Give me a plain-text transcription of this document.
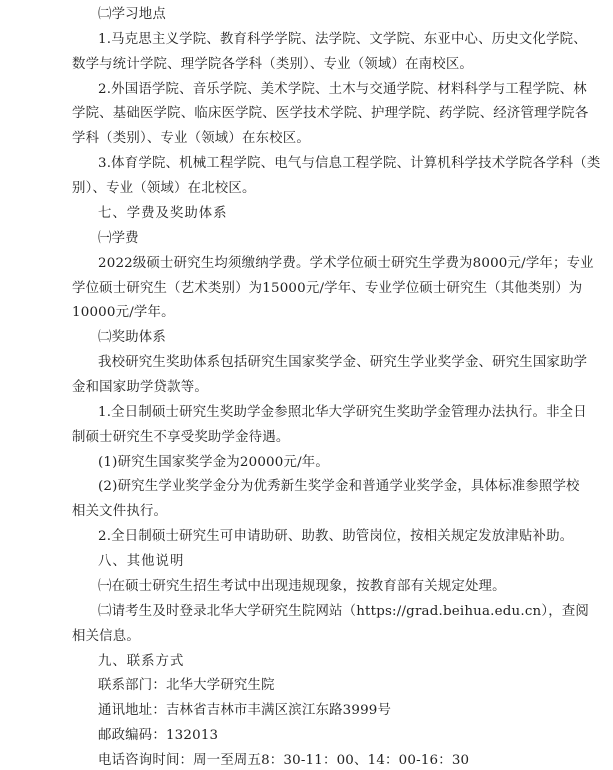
㈡学习地点
1.马克思主义学院、教育科学学院、法学院、文学院、东亚中心、历史文化学院、
数学与统计学院、理学院各学科（类别）、专业（领域）在南校区。
2.外国语学院、音乐学院、美术学院、土木与交通学院、材料科学与工程学院、林
学院、基础医学院、临床医学院、医学技术学院、护理学院、药学院、经济管理学院各
学科（类别）、专业（领域）在东校区。
3.体育学院、机械工程学院、电气与信息工程学院、计算机科学技术学院各学科（类
别）、专业（领域）在北校区。
七、学费及奖助体系
㈠学费
2022级硕士研究生均须缴纳学费。学术学位硕士研究生学费为8000元/学年；专业
学位硕士研究生（艺术类别）为15000元/学年、专业学位硕士研究生（其他类别）为
10000元/学年。
㈡奖助体系
我校研究生奖助体系包括研究生国家奖学金、研究生学业奖学金、研究生国家助学
金和国家助学贷款等。
1.全日制硕士研究生奖助学金参照北华大学研究生奖助学金管理办法执行。非全日
制硕士研究生不享受奖助学金待遇。
(1)研究生国家奖学金为20000元/年。
(2)研究生学业奖学金分为优秀新生奖学金和普通学业奖学金，具体标准参照学校
相关文件执行。
2.全日制硕士研究生可申请助研、助教、助管岗位，按相关规定发放津贴补助。
八、其他说明
㈠在硕士研究生招生考试中出现违规现象，按教育部有关规定处理。
㈡请考生及时登录北华大学研究生院网站（https://grad.beihua.edu.cn），查阅
相关信息。
九、联系方式
联系部门：北华大学研究生院
通讯地址：吉林省吉林市丰满区滨江东路3999号
邮政编码：132013
电话咨询时间：周一至周五8：30-11：00、14：00-16：30
